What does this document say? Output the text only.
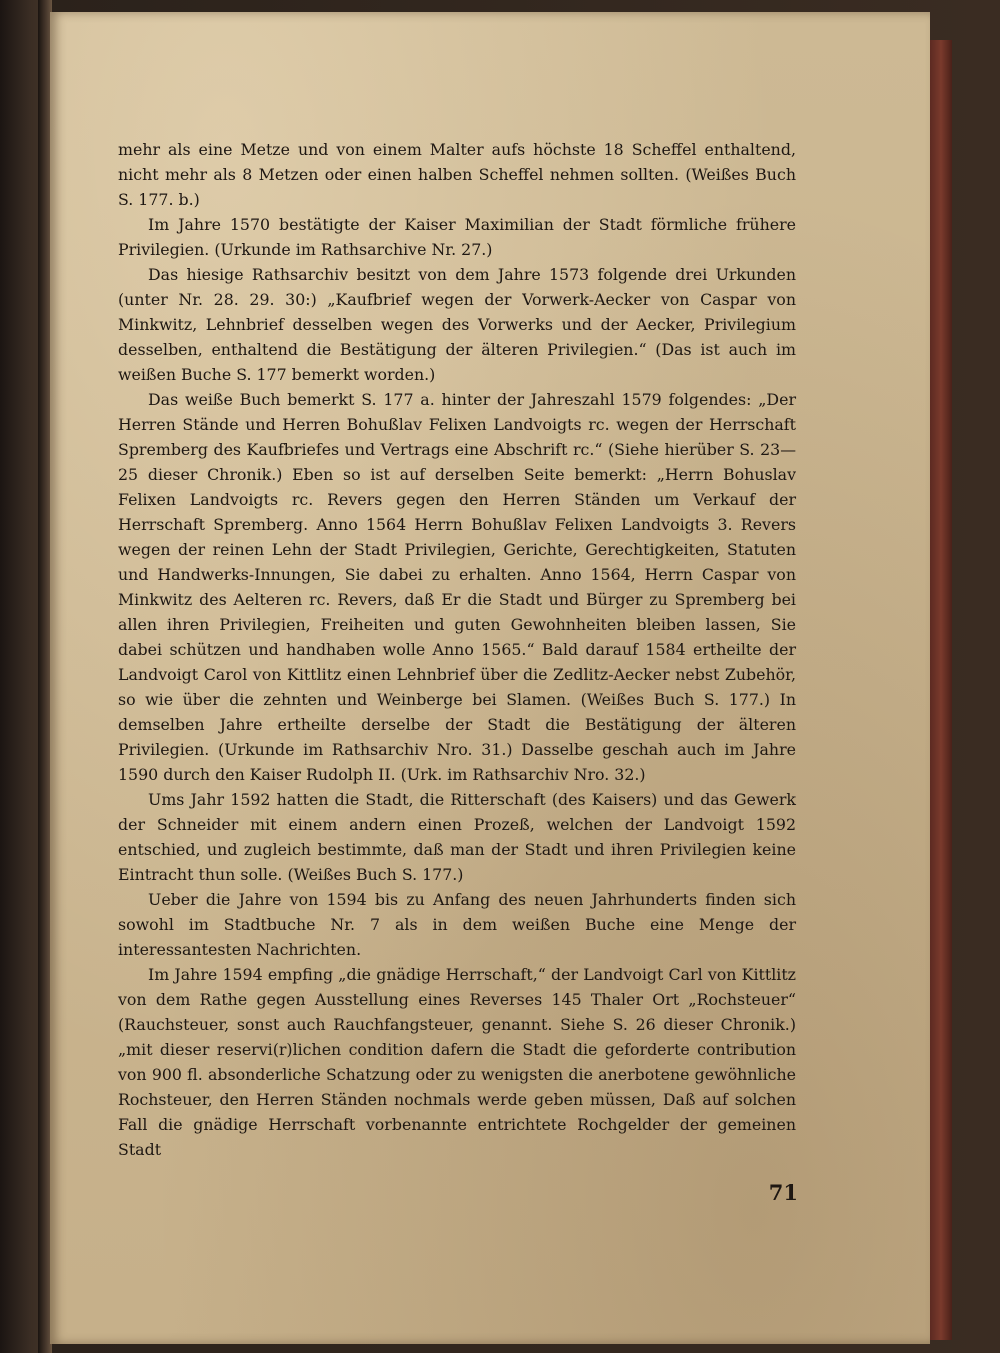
mehr als eine Metze und von einem Malter aufs höchste 18 Scheffel enthaltend, nicht mehr als 8 Metzen oder einen halben Scheffel nehmen sollten. (Weißes Buch S. 177. b.)

Im Jahre 1570 bestätigte der Kaiser Maximilian der Stadt förmliche frühere Privilegien. (Urkunde im Rathsarchive Nr. 27.)

Das hiesige Rathsarchiv besitzt von dem Jahre 1573 folgende drei Urkunden (unter Nr. 28. 29. 30:) „Kaufbrief wegen der Vorwerk-Aecker von Caspar von Minkwitz, Lehnbrief desselben wegen des Vorwerks und der Aecker, Privilegium desselben, enthaltend die Bestätigung der älteren Privilegien.“ (Das ist auch im weißen Buche S. 177 bemerkt worden.)

Das weiße Buch bemerkt S. 177 a. hinter der Jahreszahl 1579 folgendes: „Der Herren Stände und Herren Bohußlav Felixen Landvoigts rc. wegen der Herrschaft Spremberg des Kaufbriefes und Vertrags eine Abschrift rc.“ (Siehe hierüber S. 23—25 dieser Chronik.) Eben so ist auf derselben Seite bemerkt: „Herrn Bohuslav Felixen Landvoigts rc. Revers gegen den Herren Ständen um Verkauf der Herrschaft Spremberg. Anno 1564 Herrn Bohußlav Felixen Landvoigts 3. Revers wegen der reinen Lehn der Stadt Privilegien, Gerichte, Gerechtigkeiten, Statuten und Handwerks-Innungen, Sie dabei zu erhalten. Anno 1564, Herrn Caspar von Minkwitz des Aelteren rc. Revers, daß Er die Stadt und Bürger zu Spremberg bei allen ihren Privilegien, Freiheiten und guten Gewohnheiten bleiben lassen, Sie dabei schützen und handhaben wolle Anno 1565.“ Bald darauf 1584 ertheilte der Landvoigt Carol von Kittlitz einen Lehnbrief über die Zedlitz-Aecker nebst Zubehör, so wie über die zehnten und Weinberge bei Slamen. (Weißes Buch S. 177.) In demselben Jahre ertheilte derselbe der Stadt die Bestätigung der älteren Privilegien. (Urkunde im Rathsarchiv Nro. 31.) Dasselbe geschah auch im Jahre 1590 durch den Kaiser Rudolph II. (Urk. im Rathsarchiv Nro. 32.)

Ums Jahr 1592 hatten die Stadt, die Ritterschaft (des Kaisers) und das Gewerk der Schneider mit einem andern einen Prozeß, welchen der Landvoigt 1592 entschied, und zugleich bestimmte, daß man der Stadt und ihren Privilegien keine Eintracht thun solle. (Weißes Buch S. 177.)

Ueber die Jahre von 1594 bis zu Anfang des neuen Jahrhunderts finden sich sowohl im Stadtbuche Nr. 7 als in dem weißen Buche eine Menge der interessantesten Nachrichten.

Im Jahre 1594 empfing „die gnädige Herrschaft,“ der Landvoigt Carl von Kittlitz von dem Rathe gegen Ausstellung eines Reverses 145 Thaler Ort „Rochsteuer“ (Rauchsteuer, sonst auch Rauchfangsteuer, genannt. Siehe S. 26 dieser Chronik.) „mit dieser reservi(r)lichen condition dafern die Stadt die geforderte contribution von 900 fl. absonderliche Schatzung oder zu wenigsten die anerbotene gewöhnliche Rochsteuer, den Herren Ständen nochmals werde geben müssen, Daß auf solchen Fall die gnädige Herrschaft vorbenannte entrichtete Rochgelder der gemeinen Stadt

71
